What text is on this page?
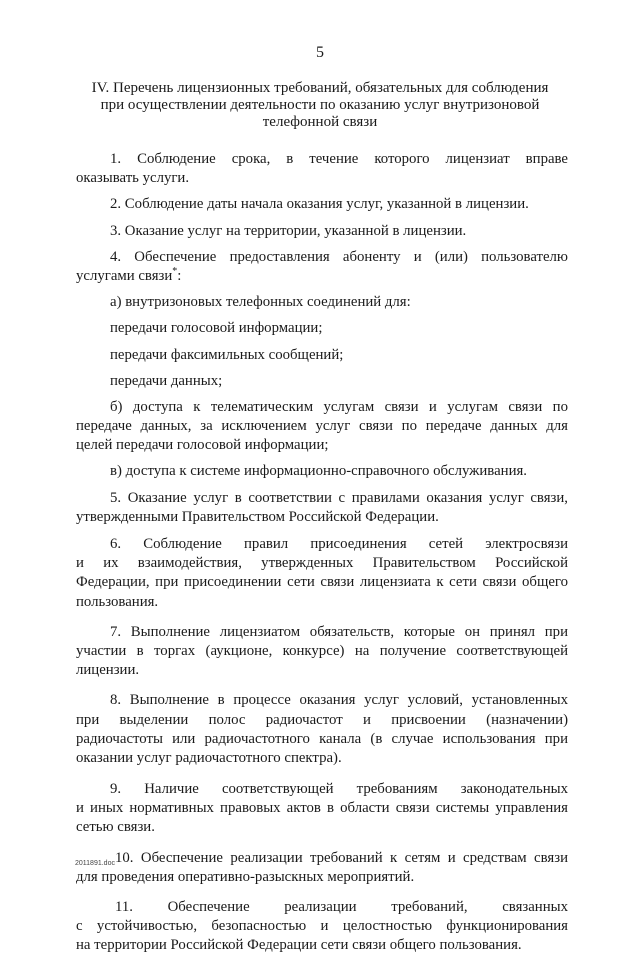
5
IV. Перечень лицензионных требований, обязательных для соблюдения
при осуществлении деятельности по оказанию услуг внутризоновой
телефонной связи
1. Соблюдение срока, в течение которого лицензиат вправе
оказывать услуги.
2. Соблюдение даты начала оказания услуг, указанной в лицензии.
3. Оказание услуг на территории, указанной в лицензии.
4. Обеспечение предоставления абоненту и (или) пользователю
услугами связи*:
а) внутризоновых телефонных соединений для:
передачи голосовой информации;
передачи факсимильных сообщений;
передачи данных;
б) доступа к телематическим услугам связи и услугам связи по
передаче данных, за исключением услуг связи по передаче данных для
целей передачи голосовой информации;
в) доступа к системе информационно-справочного обслуживания.
5. Оказание услуг в соответствии с правилами оказания услуг связи,
утвержденными Правительством Российской Федерации.
6. Соблюдение правил присоединения сетей электросвязи
и их взаимодействия, утвержденных Правительством Российской
Федерации, при присоединении сети связи лицензиата к сети связи общего
пользования.
7. Выполнение лицензиатом обязательств, которые он принял при
участии в торгах (аукционе, конкурсе) на получение соответствующей
лицензии.
8. Выполнение в процессе оказания услуг условий, установленных
при выделении полос радиочастот и присвоении (назначении)
радиочастоты или радиочастотного канала (в случае использования при
оказании услуг радиочастотного спектра).
9. Наличие соответствующей требованиям законодательных
и иных нормативных правовых актов в области связи системы управления
сетью связи.
10. Обеспечение реализации требований к сетям и средствам связи
для проведения оперативно-разыскных мероприятий.
11. Обеспечение реализации требований, связанных
с устойчивостью, безопасностью и целостностью функционирования
на территории Российской Федерации сети связи общего пользования.
2011891.doc
